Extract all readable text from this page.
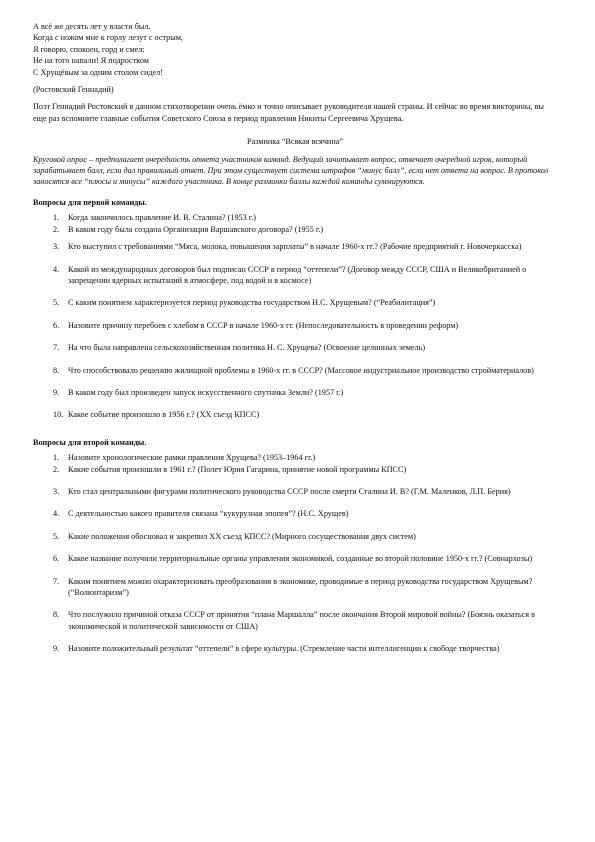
А всё же десять лет у власти был.
Когда с ножом мне к горлу лезут с острым,
Я говорю, спокоен, горд и смел:
Не на того напали! Я подростком
С Хрущёвым за одним столом сидел!
(Ростовский Геннадий)
Поэт Геннадий Ростовский в данном стихотворении очень ёмко и точно описывает руководителя нашей страны. И сейчас во время викторины, вы еще раз вспомните главные события Советского Союза в период правления Никиты Сергеевича Хрущева.
Разминка “Всякая всячина”
Круговой опрос – предполагает очередность ответа участников команд. Ведущий зачитывает вопрос, отвечает очередной игрок, который зарабатывает балл, если дал правильный ответ. При этом существует система штрафов “минус балл”, если нет ответа на вопрос. В протокол заносятся все “плюсы и минусы” каждого участника. В конце разминки баллы каждой команды суммируются.
Вопросы для первой команды.
1.	Когда закончилось правление И. В. Сталина? (1953 г.)
2.	В каком году была создана Организация Варшавского договора? (1955 г.)
3.	Кто выступил с требованиями “Мяса, молока, повышения зарплаты” в начале 1960-х гг.? (Рабочие предприятий г. Новочеркасска)
4.	Какой из международных договоров был подписан СССР в период “оттепели”? (Договор между СССР, США и Великобританией о запрещении ядерных испытаний в атмосфере, под водой и в космосе)
5.	С каким понятием характеризуется период руководства государством Н.С. Хрущевым? (“Реабилитация”)
6.	Назовите причину перебоев с хлебом в СССР в начале 1960-х гг. (Непоследовательность в проведении реформ)
7.	На что была направлена сельскохозяйственная политика Н. С. Хрущева? (Освоение целинных земель)
8.	Что способствовало решению жилищной проблемы в 1960-х гг. в СССР? (Массовое индустриальное производство стройматериалов)
9.	В каком году был произведен запуск искусственного спутника Земли? (1957 г.)
10. Какое событие произошло в 1956 г.? (XX съезд КПСС)
Вопросы для второй команды.
1.	Назовите хронологические рамки правления Хрущева? (1953–1964 гг.)
2.	Какие события произошли в 1961 г.? (Полет Юрия Гагарина, принятие новой программы КПСС)
3.	Кто стал центральными фигурами политического руководства СССР после смерти Сталина И. В? (Г.М. Маленков, Л.П. Берия)
4.	С деятельностью какого правителя связана “кукурузная эпопея”? (Н.С. Хрущев)
5.	Какие положения обосновал и закрепил XX съезд КПСС? (Мирного сосуществования двух систем)
6.	Какое название получили территориальные органы управления экономикой, созданные во второй половине 1950-х гг.? (Совнархозы)
7.	Каким понятием можно охарактеризовать преобразования в экономике, проводимые в период руководства государством Хрущевым? (“Волюнтаризм”)
8.	Что послужило причиной отказа СССР от принятия “плана Маршалла” после окончания Второй мировой войны? (Боязнь оказаться в экономической и политической зависимости от США)
9.	Назовите положительный результат “оттепели” в сфере культуры. (Стремление части интеллигенции к свободе творчества)
